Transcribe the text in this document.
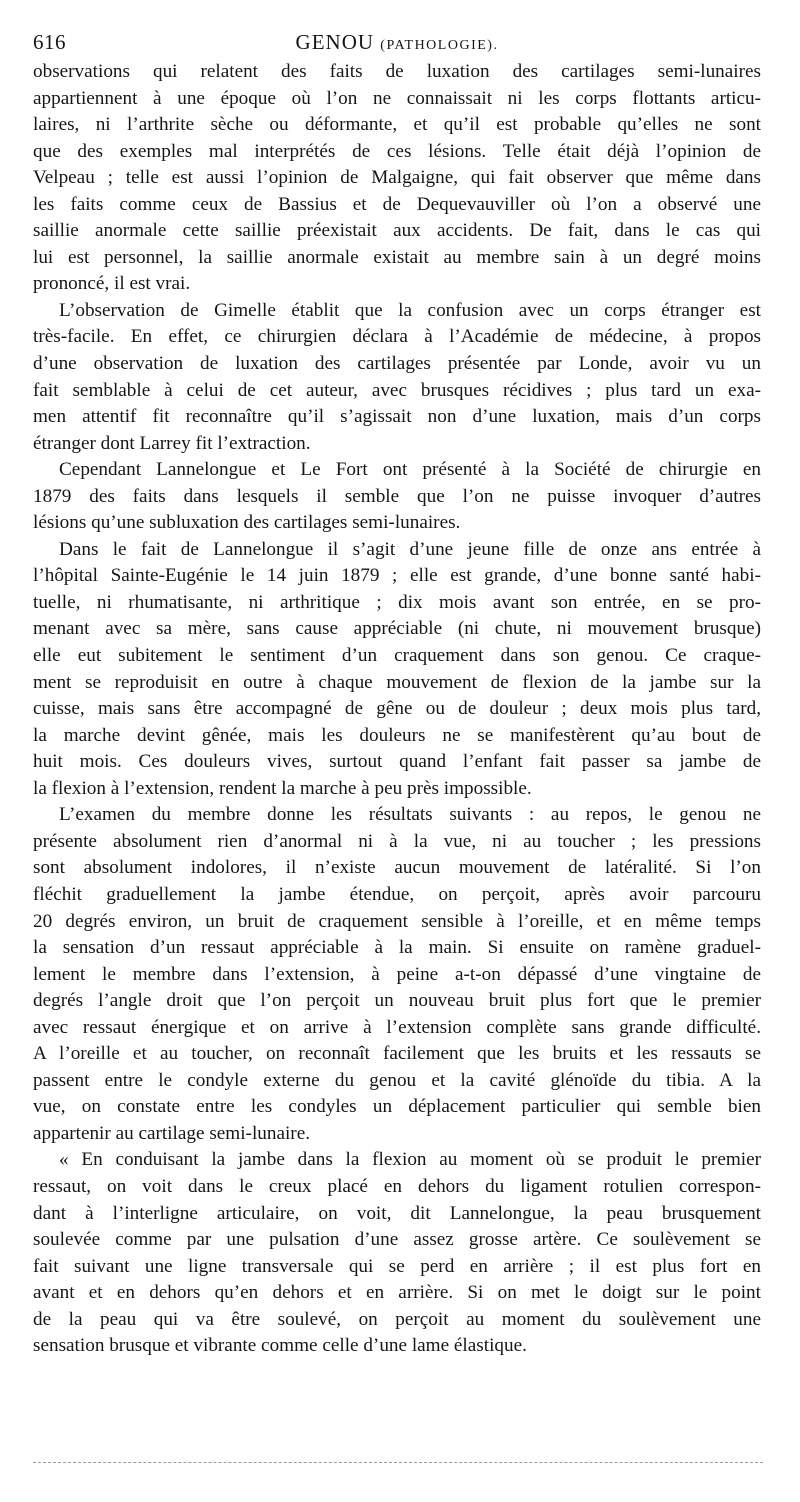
616	GENOU (PATHOLOGIE).
observations qui relatent des faits de luxation des cartilages semi-lunaires
appartiennent à une époque où l’on ne connaissait ni les corps flottants articu-
laires, ni l’arthrite sèche ou déformante, et qu’il est probable qu’elles ne sont
que des exemples mal interprétés de ces lésions. Telle était déjà l’opinion de
Velpeau ; telle est aussi l’opinion de Malgaigne, qui fait observer que même dans
les faits comme ceux de Bassius et de Dequevauviller où l’on a observé une
saillie anormale cette saillie préexistait aux accidents. De fait, dans le cas qui
lui est personnel, la saillie anormale existait au membre sain à un degré moins
prononcé, il est vrai.
L’observation de Gimelle établit que la confusion avec un corps étranger est
très-facile. En effet, ce chirurgien déclara à l’Académie de médecine, à propos
d’une observation de luxation des cartilages présentée par Londe, avoir vu un
fait semblable à celui de cet auteur, avec brusques récidives ; plus tard un exa-
men attentif fit reconnaître qu’il s’agissait non d’une luxation, mais d’un corps
étranger dont Larrey fit l’extraction.
Cependant Lannelongue et Le Fort ont présenté à la Société de chirurgie en
1879 des faits dans lesquels il semble que l’on ne puisse invoquer d’autres
lésions qu’une subluxation des cartilages semi-lunaires.
Dans le fait de Lannelongue il s’agit d’une jeune fille de onze ans entrée à
l’hôpital Sainte-Eugénie le 14 juin 1879 ; elle est grande, d’une bonne santé habi-
tuelle, ni rhumatisante, ni arthritique ; dix mois avant son entrée, en se pro-
menant avec sa mère, sans cause appréciable (ni chute, ni mouvement brusque)
elle eut subitement le sentiment d’un craquement dans son genou. Ce craque-
ment se reproduisit en outre à chaque mouvement de flexion de la jambe sur la
cuisse, mais sans être accompagné de gêne ou de douleur ; deux mois plus tard,
la marche devint gênée, mais les douleurs ne se manifestèrent qu’au bout de
huit mois. Ces douleurs vives, surtout quand l’enfant fait passer sa jambe de
la flexion à l’extension, rendent la marche à peu près impossible.
L’examen du membre donne les résultats suivants : au repos, le genou ne
présente absolument rien d’anormal ni à la vue, ni au toucher ; les pressions
sont absolument indolores, il n’existe aucun mouvement de latéralité. Si l’on
fléchit graduellement la jambe étendue, on perçoit, après avoir parcouru
20 degrés environ, un bruit de craquement sensible à l’oreille, et en même temps
la sensation d’un ressaut appréciable à la main. Si ensuite on ramène graduel-
lement le membre dans l’extension, à peine a-t-on dépassé d’une vingtaine de
degrés l’angle droit que l’on perçoit un nouveau bruit plus fort que le premier
avec ressaut énergique et on arrive à l’extension complète sans grande difficulté.
A l’oreille et au toucher, on reconnaît facilement que les bruits et les ressauts se
passent entre le condyle externe du genou et la cavité glénoïde du tibia. A la
vue, on constate entre les condyles un déplacement particulier qui semble bien
appartenir au cartilage semi-lunaire.
« En conduisant la jambe dans la flexion au moment où se produit le premier
ressaut, on voit dans le creux placé en dehors du ligament rotulien correspon-
dant à l’interligne articulaire, on voit, dit Lannelongue, la peau brusquement
soulevée comme par une pulsation d’une assez grosse artère. Ce soulèvement se
fait suivant une ligne transversale qui se perd en arrière ; il est plus fort en
avant et en dehors qu’en dehors et en arrière. Si on met le doigt sur le point
de la peau qui va être soulevé, on perçoit au moment du soulèvement une
sensation brusque et vibrante comme celle d’une lame élastique.
